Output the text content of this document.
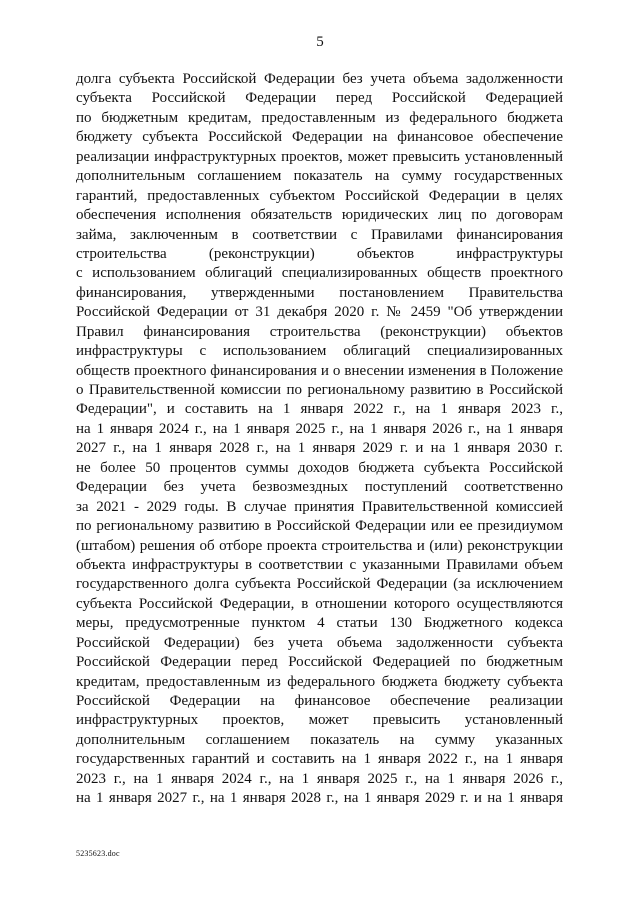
5
долга субъекта Российской Федерации без учета объема задолженности
субъекта Российской Федерации перед Российской Федерацией
по бюджетным кредитам, предоставленным из федерального бюджета
бюджету субъекта Российской Федерации на финансовое обеспечение
реализации инфраструктурных проектов, может превысить установленный
дополнительным соглашением показатель на сумму государственных
гарантий, предоставленных субъектом Российской Федерации в целях
обеспечения исполнения обязательств юридических лиц по договорам
займа, заключенным в соответствии с Правилами финансирования
строительства (реконструкции) объектов инфраструктуры
с использованием облигаций специализированных обществ проектного
финансирования, утвержденными постановлением Правительства
Российской Федерации от 31 декабря 2020 г. № 2459 "Об утверждении
Правил финансирования строительства (реконструкции) объектов
инфраструктуры с использованием облигаций специализированных
обществ проектного финансирования и о внесении изменения в Положение
о Правительственной комиссии по региональному развитию в Российской
Федерации", и составить на 1 января 2022 г., на 1 января 2023 г.,
на 1 января 2024 г., на 1 января 2025 г., на 1 января 2026 г., на 1 января
2027 г., на 1 января 2028 г., на 1 января 2029 г. и на 1 января 2030 г.
не более 50 процентов суммы доходов бюджета субъекта Российской
Федерации без учета безвозмездных поступлений соответственно
за 2021 - 2029 годы. В случае принятия Правительственной комиссией
по региональному развитию в Российской Федерации или ее президиумом
(штабом) решения об отборе проекта строительства и (или) реконструкции
объекта инфраструктуры в соответствии с указанными Правилами объем
государственного долга субъекта Российской Федерации (за исключением
субъекта Российской Федерации, в отношении которого осуществляются
меры, предусмотренные пунктом 4 статьи 130 Бюджетного кодекса
Российской Федерации) без учета объема задолженности субъекта
Российской Федерации перед Российской Федерацией по бюджетным
кредитам, предоставленным из федерального бюджета бюджету субъекта
Российской Федерации на финансовое обеспечение реализации
инфраструктурных проектов, может превысить установленный
дополнительным соглашением показатель на сумму указанных
государственных гарантий и составить на 1 января 2022 г., на 1 января
2023 г., на 1 января 2024 г., на 1 января 2025 г., на 1 января 2026 г.,
на 1 января 2027 г., на 1 января 2028 г., на 1 января 2029 г. и на 1 января
5235623.doc
